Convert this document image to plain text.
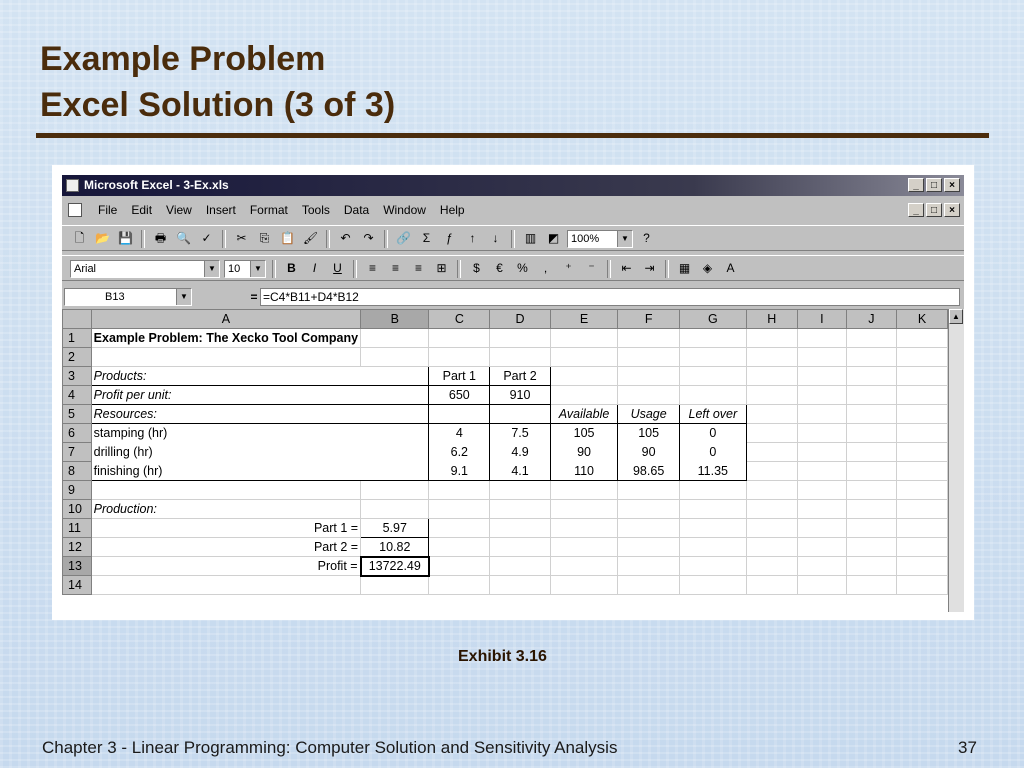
Example Problem
Excel Solution (3 of 3)
Microsoft Excel - 3-Ex.xls	_	□	×
File Edit View Insert Format Tools Data Window Help	_	□	×
🗋 📂 💾	🖶 🔍 ✓	✂	⎘ 📋 🖌	↶	↷	🔗 Σ	ƒ	↑	↓	▥ ◩	100%	▼	?
Arial	▼	10	▼	B	I	U	≡	≡	≡	⊞	$	€	%	,	⁺	⁻	⇤	⇥	▦	◈	A
B13	▼	= =C4*B11+D4*B12
	A	B	C	D	E	F	G	H	I	J	K
1	Example Problem: The Xecko Tool Company										
2											
3	Products:		Part 1	Part 2							
4	Profit per unit:		650	910							
5	Resources:				Available	Usage	Left over				
6	stamping (hr)		4	7.5	105	105	0				
7	drilling (hr)		6.2	4.9	90	90	0				
8	finishing (hr)		9.1	4.1	110	98.65	11.35				
9											
10	Production:										
11	Part 1 =	5.97									
12	Part 2 =	10.82									
13	Profit =	13722.49									
14											
▲

Exhibit 3.16

Chapter 3 - Linear Programming: Computer Solution and Sensitivity Analysis	37
